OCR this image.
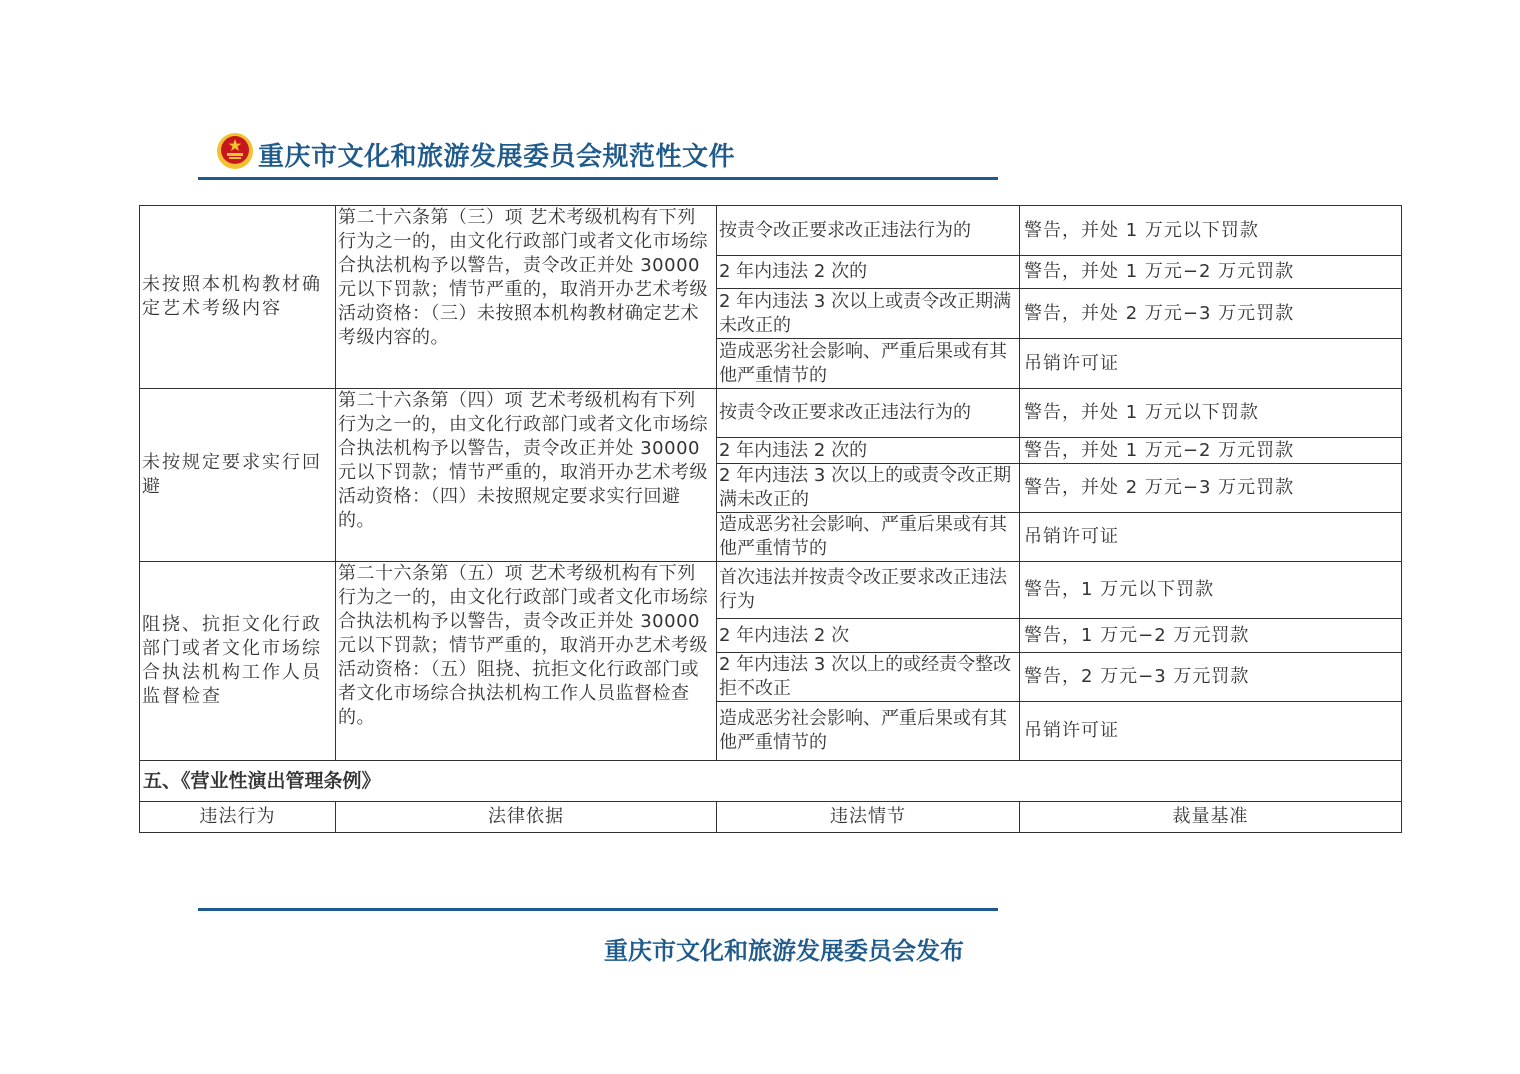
重庆市文化和旅游发展委员会规范性文件
未按照本机构教材确定艺术考级内容	第二十六条第（三）项 艺术考级机构有下列行为之一的，由文化行政部门或者文化市场综合执法机构予以警告，责令改正并处 30000 元以下罚款；情节严重的，取消开办艺术考级活动资格：（三）未按照本机构教材确定艺术考级内容的。	按责令改正要求改正违法行为的	警告，并处 1 万元以下罚款
		2 年内违法 2 次的	警告，并处 1 万元−2 万元罚款
		2 年内违法 3 次以上或责令改正期满未改正的	警告，并处 2 万元−3 万元罚款
		造成恶劣社会影响、严重后果或有其他严重情节的	吊销许可证
未按规定要求实行回避	第二十六条第（四）项 艺术考级机构有下列行为之一的，由文化行政部门或者文化市场综合执法机构予以警告，责令改正并处 30000 元以下罚款；情节严重的，取消开办艺术考级活动资格：（四）未按照规定要求实行回避的。	按责令改正要求改正违法行为的	警告，并处 1 万元以下罚款
		2 年内违法 2 次的	警告，并处 1 万元−2 万元罚款
		2 年内违法 3 次以上的或责令改正期满未改正的	警告，并处 2 万元−3 万元罚款
		造成恶劣社会影响、严重后果或有其他严重情节的	吊销许可证
阻挠、抗拒文化行政部门或者文化市场综合执法机构工作人员监督检查	第二十六条第（五）项 艺术考级机构有下列行为之一的，由文化行政部门或者文化市场综合执法机构予以警告，责令改正并处 30000 元以下罚款；情节严重的，取消开办艺术考级活动资格：（五）阻挠、抗拒文化行政部门或者文化市场综合执法机构工作人员监督检查的。	首次违法并按责令改正要求改正违法行为	警告，1 万元以下罚款
		2 年内违法 2 次	警告，1 万元−2 万元罚款
		2 年内违法 3 次以上的或经责令整改拒不改正	警告，2 万元−3 万元罚款
		造成恶劣社会影响、严重后果或有其他严重情节的	吊销许可证
五、《营业性演出管理条例》			
违法行为	法律依据	违法情节	裁量基准
重庆市文化和旅游发展委员会发布
